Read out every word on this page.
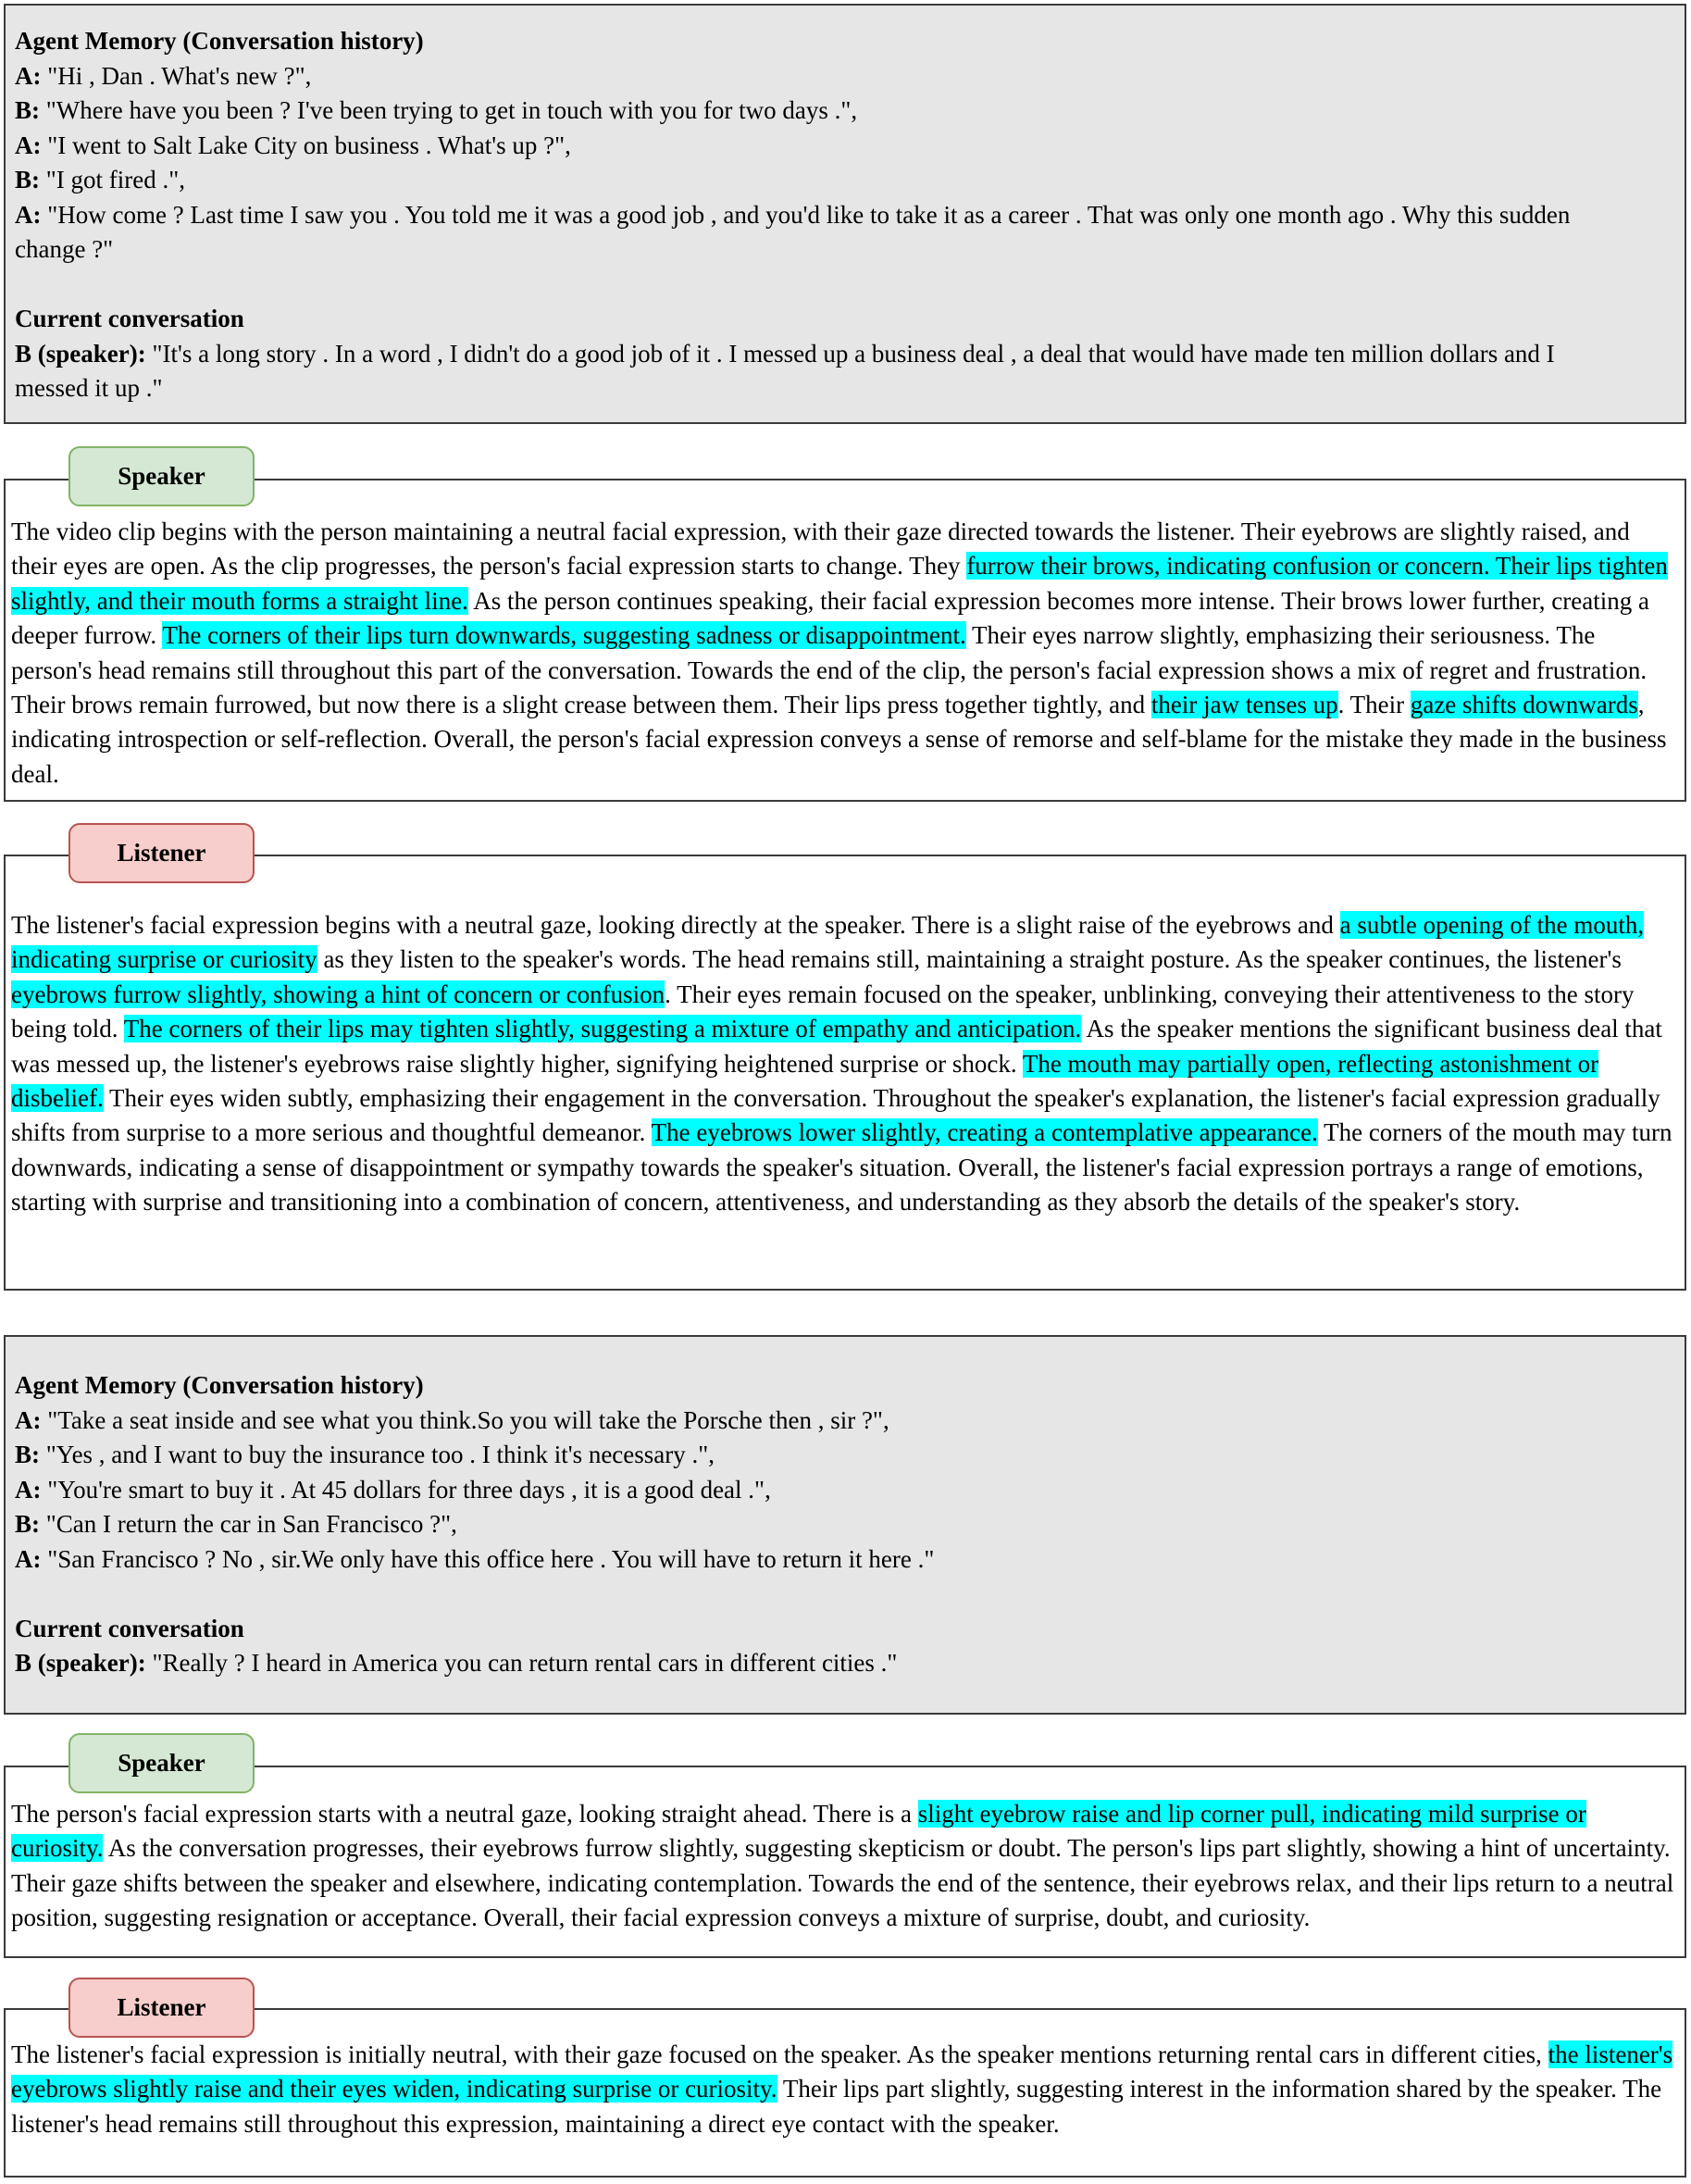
Agent Memory (Conversation history)
A: "Hi , Dan . What's new ?",
B: "Where have you been ? I've been trying to get in touch with you for two days .",
A: "I went to Salt Lake City on business . What's up ?",
B: "I got fired .",
A: "How come ? Last time I saw you . You told me it was a good job , and you'd like to take it as a career . That was only one month ago . Why this sudden
change ?"
Current conversation
B (speaker): "It's a long story . In a word , I didn't do a good job of it . I messed up a business deal , a deal that would have made ten million dollars and I
messed it up ."

The video clip begins with the person maintaining a neutral facial expression, with their gaze directed towards the listener. Their eyebrows are slightly raised, and their eyes are open. As the clip progresses, the person's facial expression starts to change. They furrow their brows, indicating confusion or concern. Their lips tighten slightly, and their mouth forms a straight line. As the person continues speaking, their facial expression becomes more intense. Their brows lower further, creating a deeper furrow. The corners of their lips turn downwards, suggesting sadness or disappointment. Their eyes narrow slightly, emphasizing their seriousness. The person's head remains still throughout this part of the conversation. Towards the end of the clip, the person's facial expression shows a mix of regret and frustration. Their brows remain furrowed, but now there is a slight crease between them. Their lips press together tightly, and their jaw tenses up. Their gaze shifts downwards, indicating introspection or self-reflection. Overall, the person's facial expression conveys a sense of remorse and self-blame for the mistake they made in the business deal.

Speaker

The listener's facial expression begins with a neutral gaze, looking directly at the speaker. There is a slight raise of the eyebrows and a subtle opening of the mouth, indicating surprise or curiosity as they listen to the speaker's words. The head remains still, maintaining a straight posture. As the speaker continues, the listener's eyebrows furrow slightly, showing a hint of concern or confusion. Their eyes remain focused on the speaker, unblinking, conveying their attentiveness to the story being told. The corners of their lips may tighten slightly, suggesting a mixture of empathy and anticipation. As the speaker mentions the significant business deal that was messed up, the listener's eyebrows raise slightly higher, signifying heightened surprise or shock. The mouth may partially open, reflecting astonishment or disbelief. Their eyes widen subtly, emphasizing their engagement in the conversation. Throughout the speaker's explanation, the listener's facial expression gradually shifts from surprise to a more serious and thoughtful demeanor. The eyebrows lower slightly, creating a contemplative appearance. The corners of the mouth may turn downwards, indicating a sense of disappointment or sympathy towards the speaker's situation. Overall, the listener's facial expression portrays a range of emotions, starting with surprise and transitioning into a combination of concern, attentiveness, and understanding as they absorb the details of the speaker's story.

Listener
Agent Memory (Conversation history)
A: "Take a seat inside and see what you think.So you will take the Porsche then , sir ?",
B: "Yes , and I want to buy the insurance too . I think it's necessary .",
A: "You're smart to buy it . At 45 dollars for three days , it is a good deal .",
B: "Can I return the car in San Francisco ?",
A: "San Francisco ? No , sir.We only have this office here . You will have to return it here ."
Current conversation
B (speaker): "Really ? I heard in America you can return rental cars in different cities ."

The person's facial expression starts with a neutral gaze, looking straight ahead. There is a slight eyebrow raise and lip corner pull, indicating mild surprise or curiosity. As the conversation progresses, their eyebrows furrow slightly, suggesting skepticism or doubt. The person's lips part slightly, showing a hint of uncertainty. Their gaze shifts between the speaker and elsewhere, indicating contemplation. Towards the end of the sentence, their eyebrows relax, and their lips return to a neutral position, suggesting resignation or acceptance. Overall, their facial expression conveys a mixture of surprise, doubt, and curiosity.

Speaker

The listener's facial expression is initially neutral, with their gaze focused on the speaker. As the speaker mentions returning rental cars in different cities, the listener's eyebrows slightly raise and their eyes widen, indicating surprise or curiosity. Their lips part slightly, suggesting interest in the information shared by the speaker. The listener's head remains still throughout this expression, maintaining a direct eye contact with the speaker.

Listener
